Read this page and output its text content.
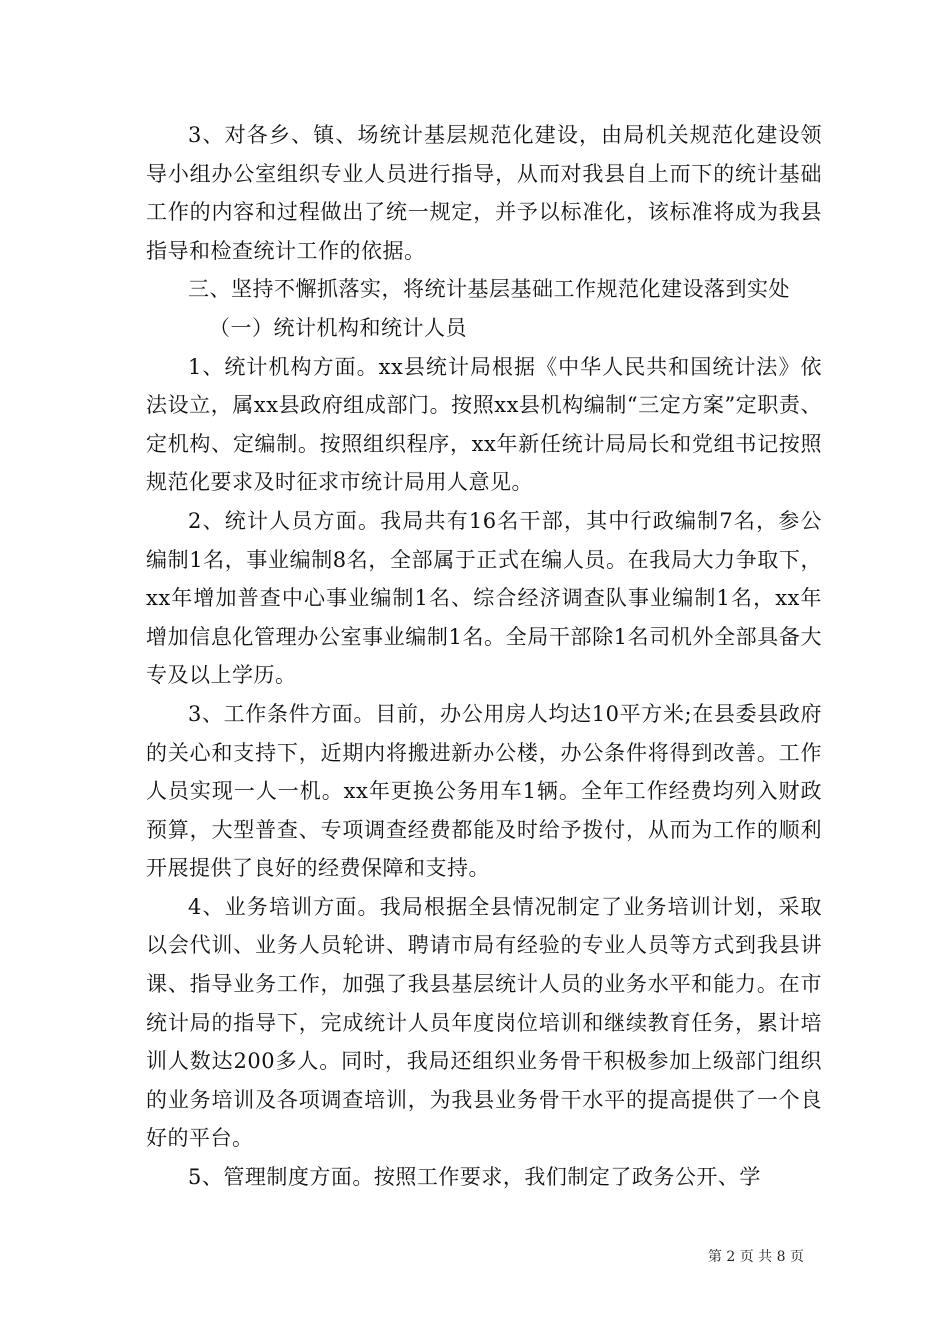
3、对各乡、镇、场统计基层规范化建设，由局机关规范化建设领导小组办公室组织专业人员进行指导，从而对我县自上而下的统计基础工作的内容和过程做出了统一规定，并予以标准化，该标准将成为我县指导和检查统计工作的依据。

三、坚持不懈抓落实，将统计基层基础工作规范化建设落到实处

（一）统计机构和统计人员

1、统计机构方面。xx县统计局根据《中华人民共和国统计法》依法设立，属xx县政府组成部门。按照xx县机构编制“三定方案”定职责、定机构、定编制。按照组织程序，xx年新任统计局局长和党组书记按照规范化要求及时征求市统计局用人意见。

2、统计人员方面。我局共有16名干部，其中行政编制7名，参公编制1名，事业编制8名，全部属于正式在编人员。在我局大力争取下，xx年增加普查中心事业编制1名、综合经济调查队事业编制1名，xx年增加信息化管理办公室事业编制1名。全局干部除1名司机外全部具备大专及以上学历。

3、工作条件方面。目前，办公用房人均达10平方米;在县委县政府的关心和支持下，近期内将搬进新办公楼，办公条件将得到改善。工作人员实现一人一机。xx年更换公务用车1辆。全年工作经费均列入财政预算，大型普查、专项调查经费都能及时给予拨付，从而为工作的顺利开展提供了良好的经费保障和支持。

4、业务培训方面。我局根据全县情况制定了业务培训计划，采取以会代训、业务人员轮讲、聘请市局有经验的专业人员等方式到我县讲课、指导业务工作，加强了我县基层统计人员的业务水平和能力。在市统计局的指导下，完成统计人员年度岗位培训和继续教育任务，累计培训人数达200多人。同时，我局还组织业务骨干积极参加上级部门组织的业务培训及各项调查培训，为我县业务骨干水平的提高提供了一个良好的平台。

5、管理制度方面。按照工作要求，我们制定了政务公开、学

第 2 页 共 8 页
